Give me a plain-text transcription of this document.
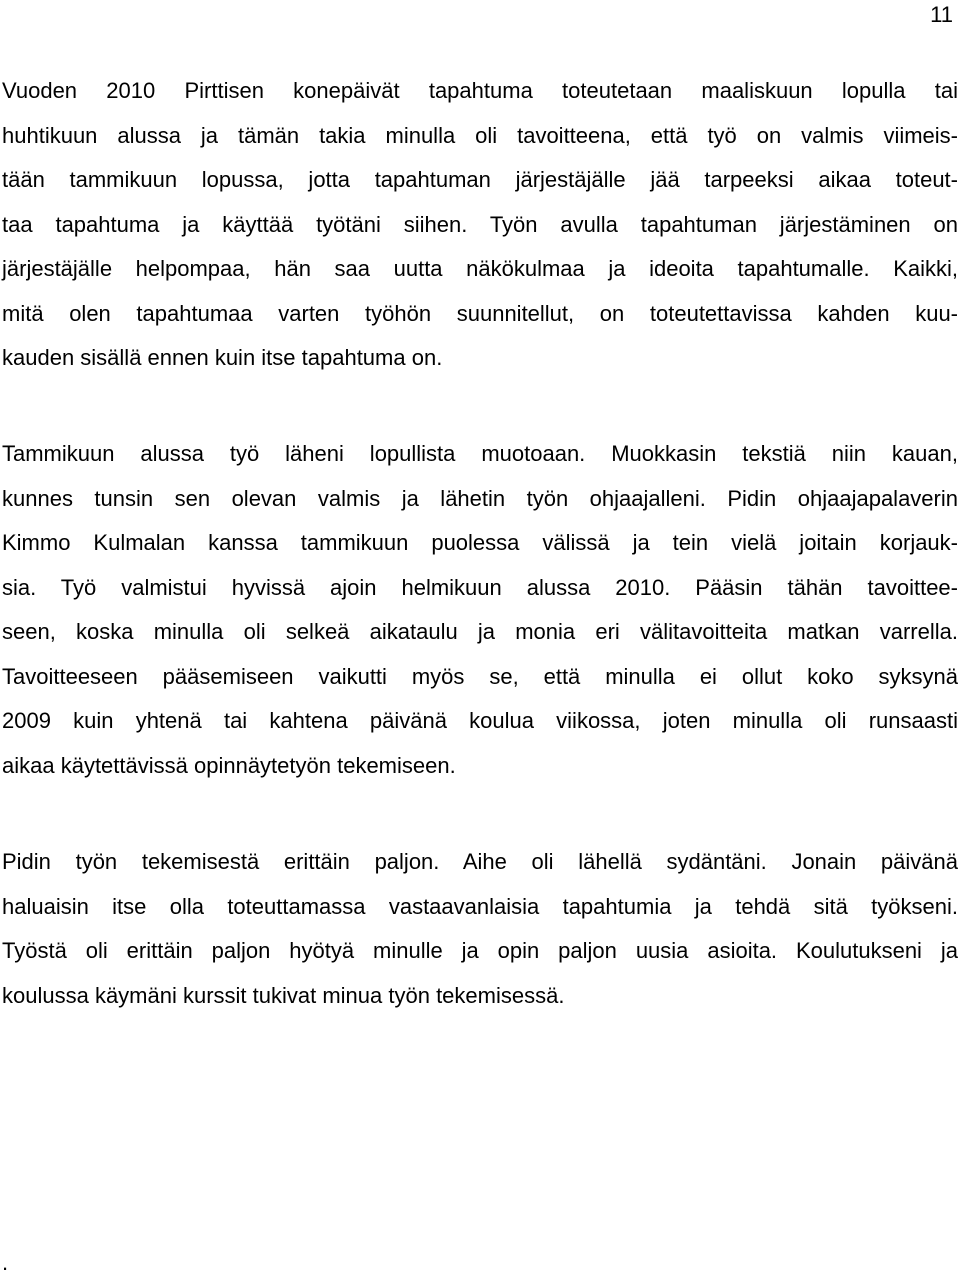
11

Vuoden 2010 Pirttisen konepäivät tapahtuma toteutetaan maaliskuun lopulla tai
huhtikuun alussa ja tämän takia minulla oli tavoitteena, että työ on valmis viimeis-
tään tammikuun lopussa, jotta tapahtuman järjestäjälle jää tarpeeksi aikaa toteut-
taa tapahtuma ja käyttää työtäni siihen. Työn avulla tapahtuman järjestäminen on
järjestäjälle helpompaa, hän saa uutta näkökulmaa ja ideoita tapahtumalle. Kaikki,
mitä olen tapahtumaa varten työhön suunnitellut, on toteutettavissa kahden kuu-
kauden sisällä ennen kuin itse tapahtuma on.

Tammikuun alussa työ läheni lopullista muotoaan. Muokkasin tekstiä niin kauan,
kunnes tunsin sen olevan valmis ja lähetin työn ohjaajalleni. Pidin ohjaajapalaverin
Kimmo Kulmalan kanssa tammikuun puolessa välissä ja tein vielä joitain korjauk-
sia. Työ valmistui hyvissä ajoin helmikuun alussa 2010. Pääsin tähän tavoittee-
seen, koska minulla oli selkeä aikataulu ja monia eri välitavoitteita matkan varrella.
Tavoitteeseen pääsemiseen vaikutti myös se, että minulla ei ollut koko syksynä
2009 kuin yhtenä tai kahtena päivänä koulua viikossa, joten minulla oli runsaasti
aikaa käytettävissä opinnäytetyön tekemiseen.

Pidin työn tekemisestä erittäin paljon. Aihe oli lähellä sydäntäni. Jonain päivänä
haluaisin itse olla toteuttamassa vastaavanlaisia tapahtumia ja tehdä sitä työkseni.
Työstä oli erittäin paljon hyötyä minulle ja opin paljon uusia asioita. Koulutukseni ja
koulussa käymäni kurssit tukivat minua työn tekemisessä.

.
